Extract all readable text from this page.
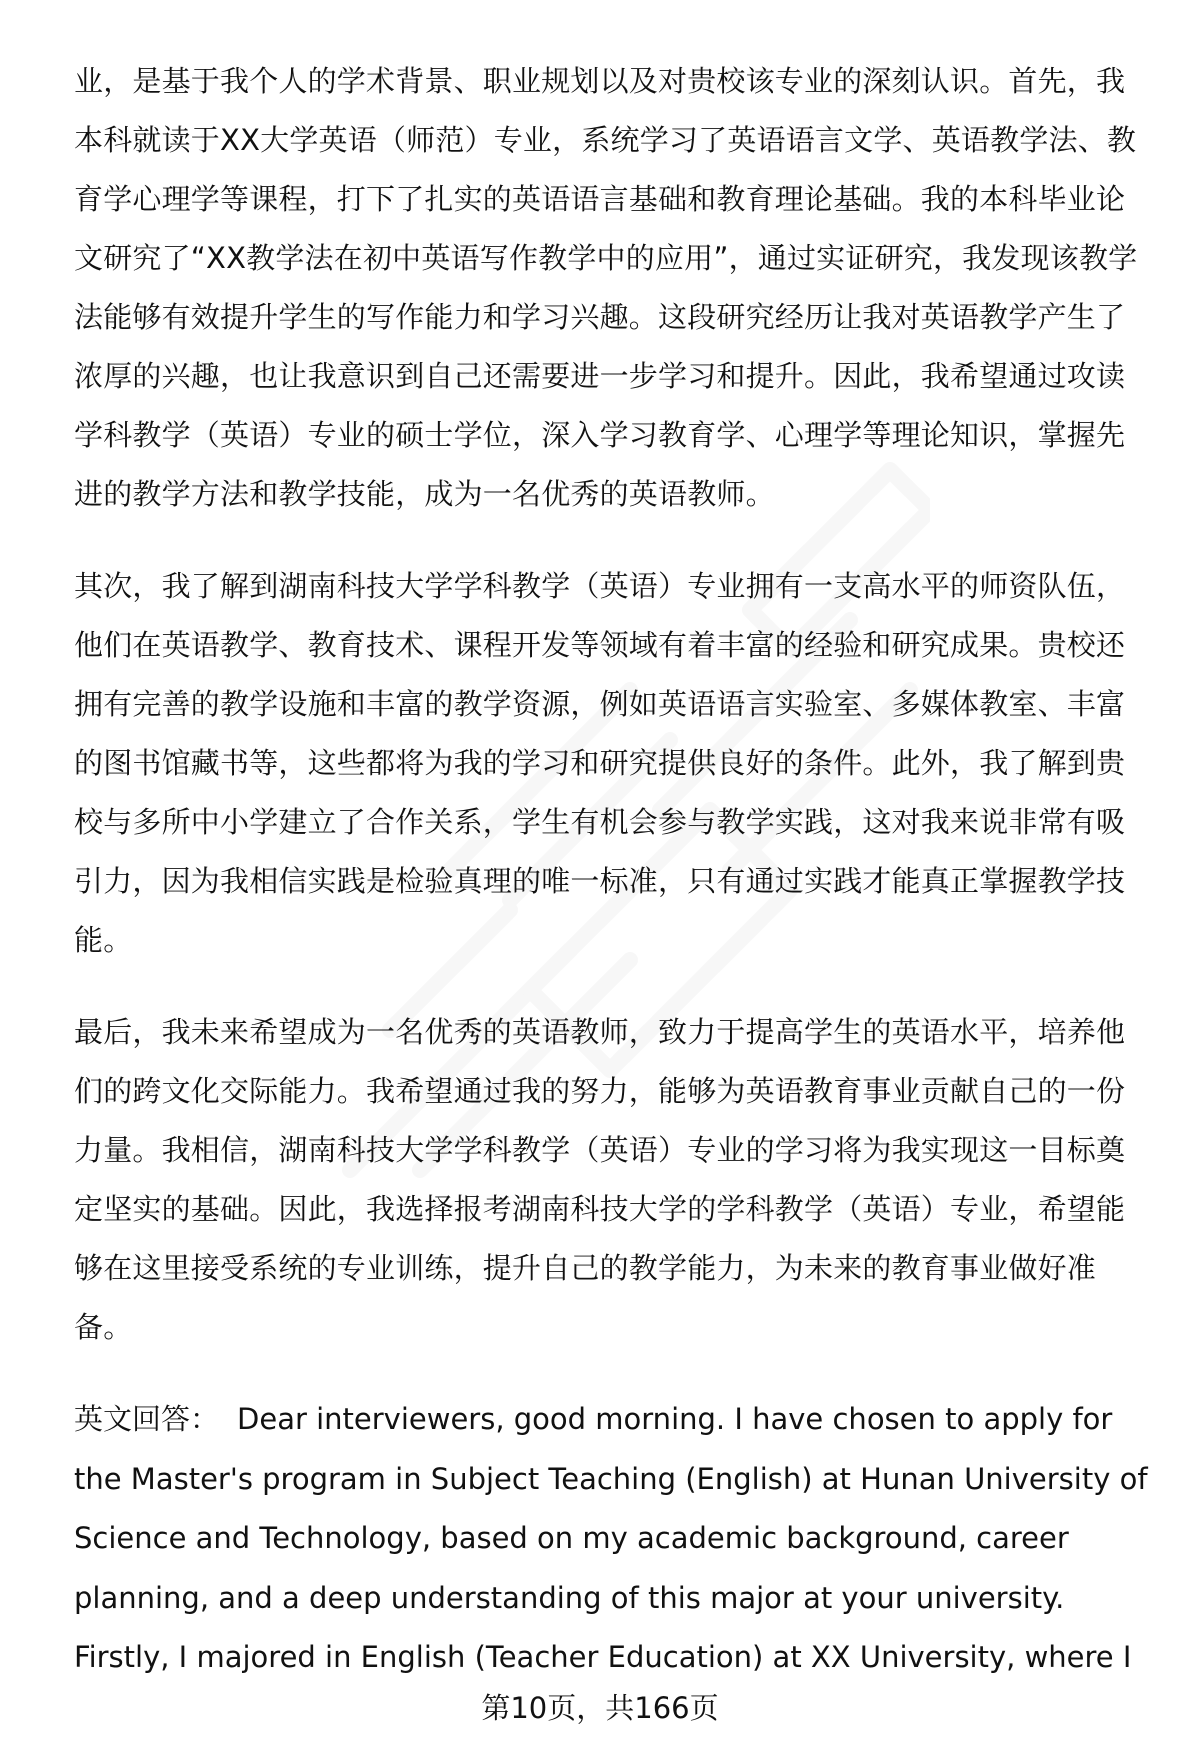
业，是基于我个人的学术背景、职业规划以及对贵校该专业的深刻认识。首先，我本科就读于XX大学英语（师范）专业，系统学习了英语语言文学、英语教学法、教育学心理学等课程，打下了扎实的英语语言基础和教育理论基础。我的本科毕业论文研究了“XX教学法在初中英语写作教学中的应用”，通过实证研究，我发现该教学法能够有效提升学生的写作能力和学习兴趣。这段研究经历让我对英语教学产生了浓厚的兴趣，也让我意识到自己还需要进一步学习和提升。因此，我希望通过攻读学科教学（英语）专业的硕士学位，深入学习教育学、心理学等理论知识，掌握先进的教学方法和教学技能，成为一名优秀的英语教师。

其次，我了解到湖南科技大学学科教学（英语）专业拥有一支高水平的师资队伍，他们在英语教学、教育技术、课程开发等领域有着丰富的经验和研究成果。贵校还拥有完善的教学设施和丰富的教学资源，例如英语语言实验室、多媒体教室、丰富的图书馆藏书等，这些都将为我的学习和研究提供良好的条件。此外，我了解到贵校与多所中小学建立了合作关系，学生有机会参与教学实践，这对我来说非常有吸引力，因为我相信实践是检验真理的唯一标准，只有通过实践才能真正掌握教学技能。

最后，我未来希望成为一名优秀的英语教师，致力于提高学生的英语水平，培养他们的跨文化交际能力。我希望通过我的努力，能够为英语教育事业贡献自己的一份力量。我相信，湖南科技大学学科教学（英语）专业的学习将为我实现这一目标奠定坚实的基础。因此，我选择报考湖南科技大学的学科教学（英语）专业，希望能够在这里接受系统的专业训练，提升自己的教学能力，为未来的教育事业做好准备。

英文回答： Dear interviewers, good morning. I have chosen to apply for the Master's program in Subject Teaching (English) at Hunan University of Science and Technology, based on my academic background, career planning, and a deep understanding of this major at your university. Firstly, I majored in English (Teacher Education) at XX University, where I

第10页，共166页
